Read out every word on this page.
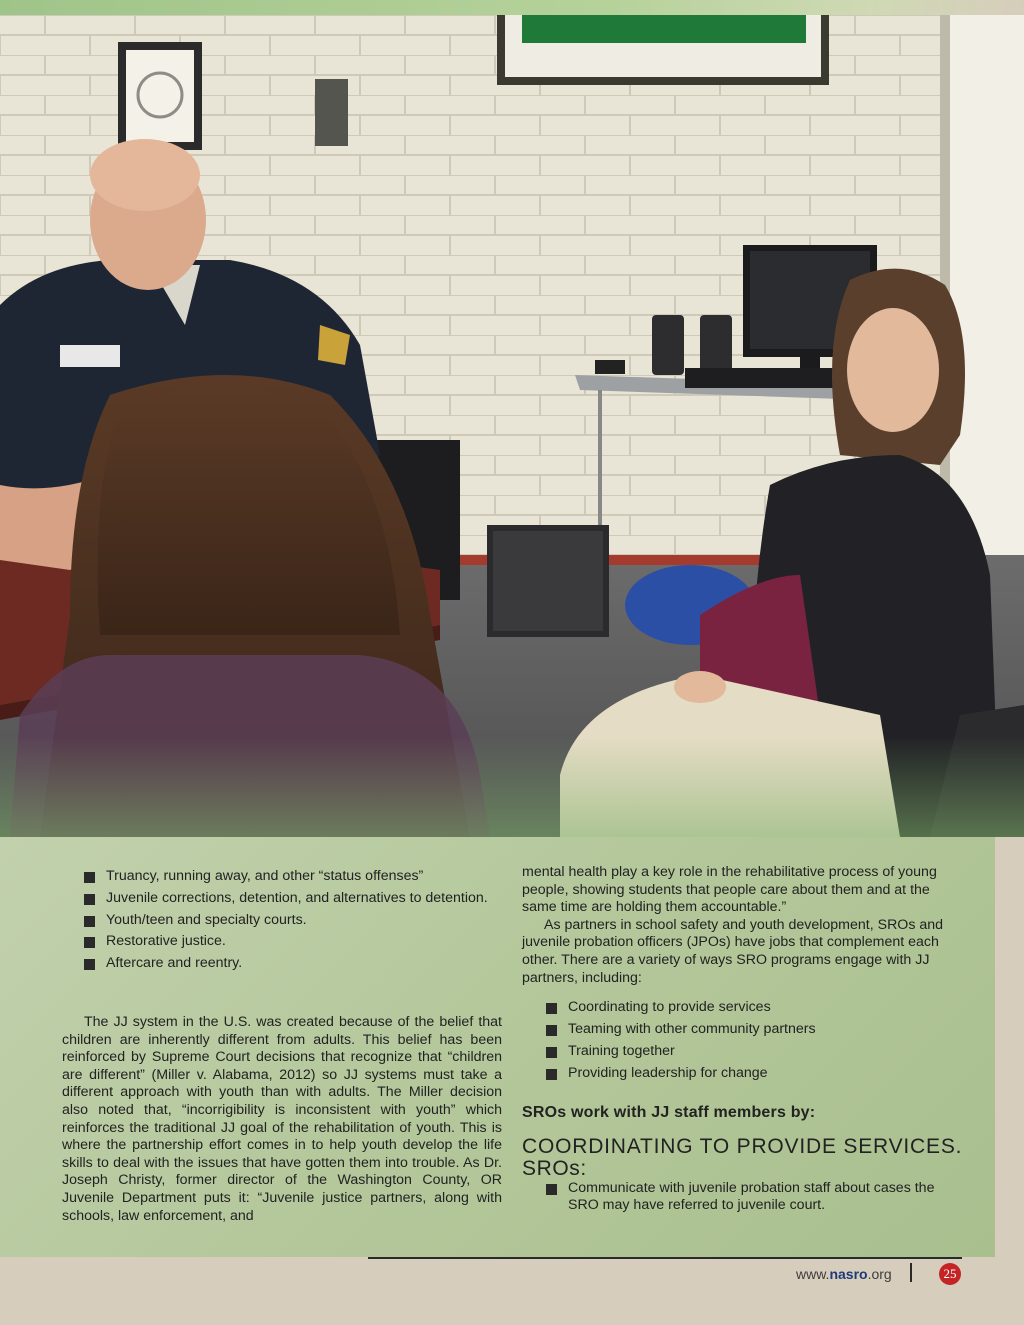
Truancy, running away, and other “status offenses”
Juvenile corrections, detention, and alternatives to detention.
Youth/teen and specialty courts.
Restorative justice.
Aftercare and reentry.

The JJ system in the U.S. was created because of the belief that children are inherently different from adults. This belief has been reinforced by Supreme Court decisions that recognize that “children are different” (Miller v. Alabama, 2012) so JJ systems must take a different approach with youth than with adults. The Miller decision also noted that, “incorrigibility is inconsistent with youth” which reinforces the traditional JJ goal of the rehabilitation of youth. This is where the partnership effort comes in to help youth develop the life skills to deal with the issues that have gotten them into trouble. As Dr. Joseph Christy, former director of the Washington County, OR Juvenile Department puts it: “Juvenile justice partners, along with schools, law enforcement, and

mental health play a key role in the rehabilitative process of young people, showing students that people care about them and at the same time are holding them accountable.”

As partners in school safety and youth development, SROs and juvenile probation officers (JPOs) have jobs that complement each other. There are a variety of ways SRO programs engage with JJ partners, including:

Coordinating to provide services
Teaming with other community partners
Training together
Providing leadership for change
SROs work with JJ staff members by:
COORDINATING TO PROVIDE SERVICES. SROs:
Communicate with juvenile probation staff about cases the SRO may have referred to juvenile court.
www.nasro.org	25
